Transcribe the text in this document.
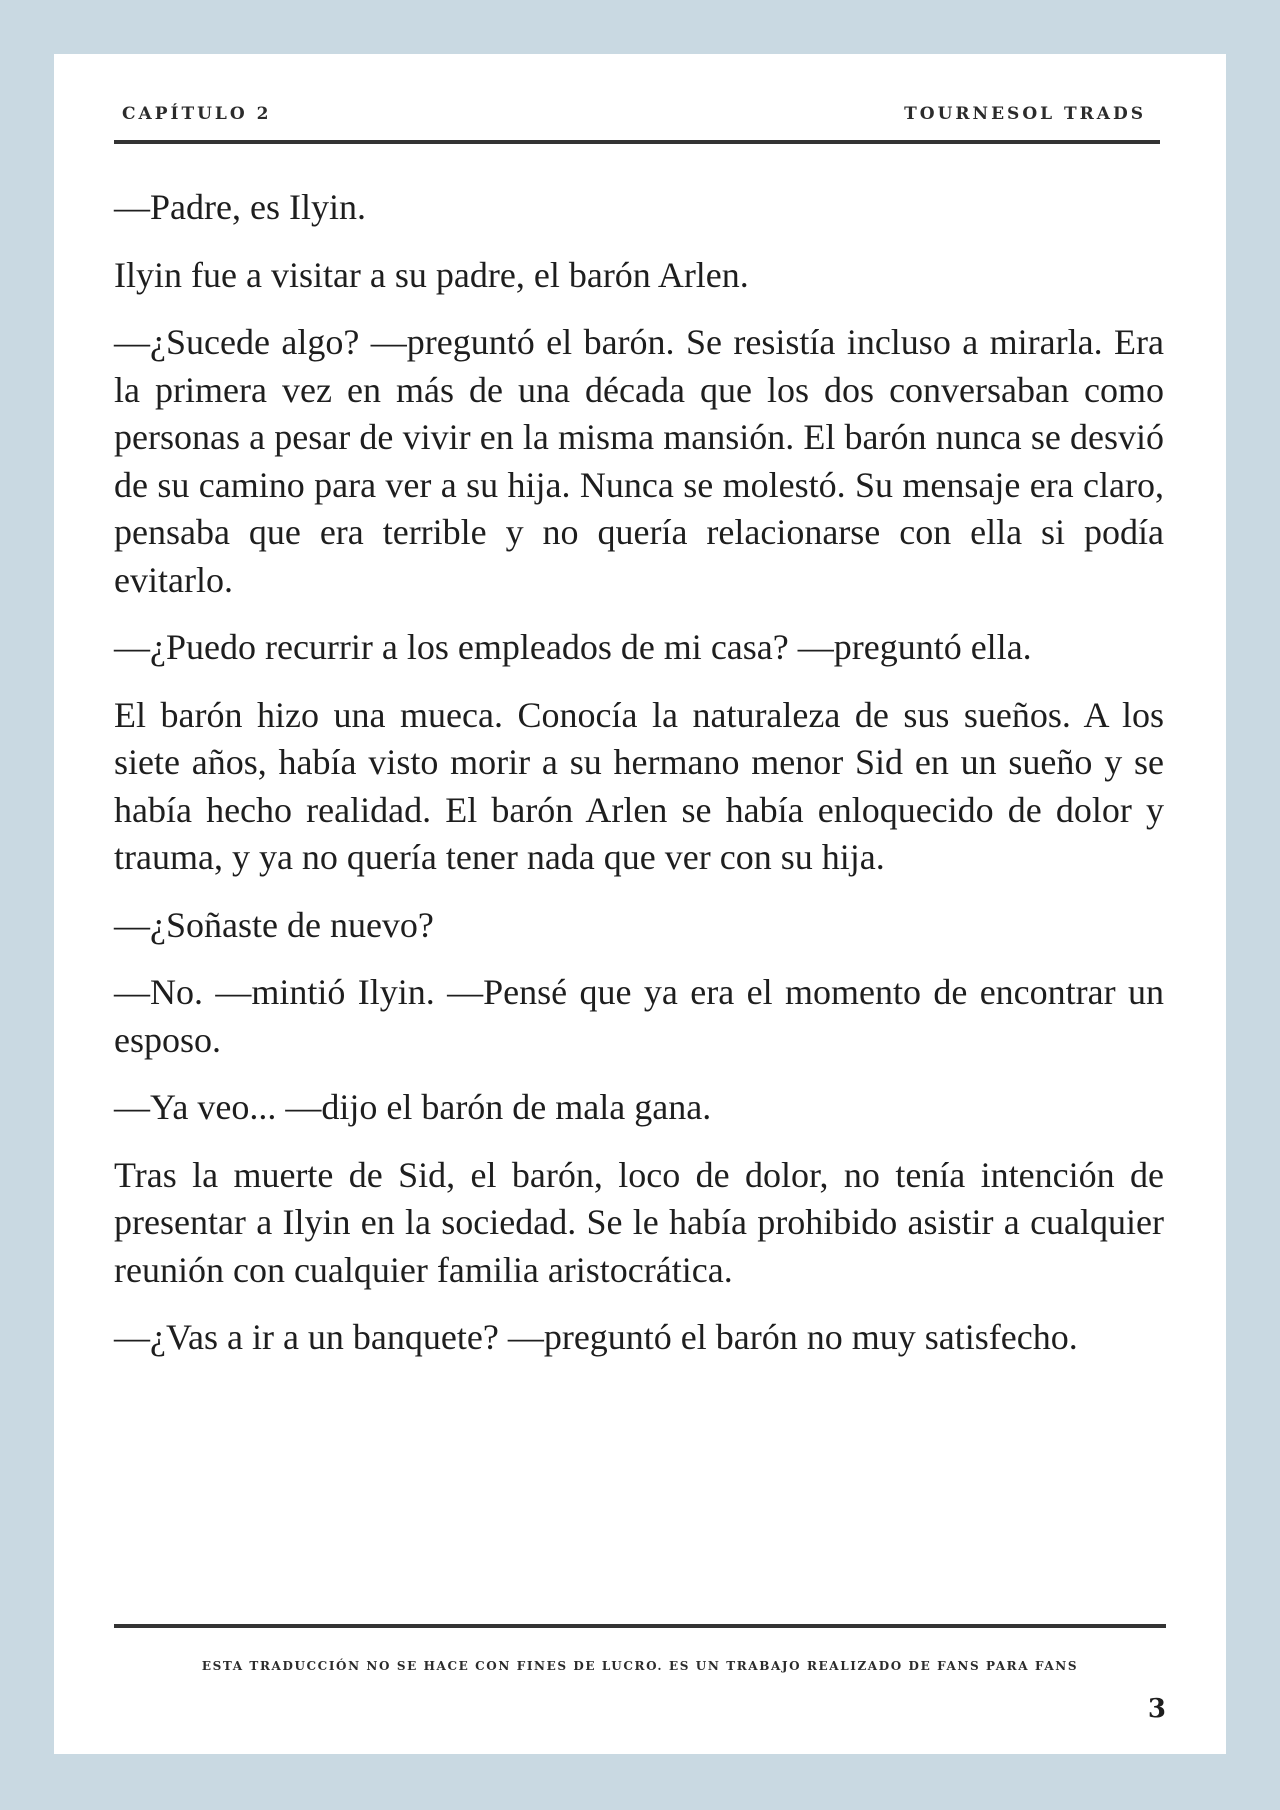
CAPÍTULO 2	TOURNESOL TRADS

—Padre, es Ilyin.

Ilyin fue a visitar a su padre, el barón Arlen.

—¿Sucede algo? —preguntó el barón. Se resistía incluso a mirarla. Era la primera vez en más de una década que los dos conversaban como personas a pesar de vivir en la misma mansión. El barón nunca se desvió de su camino para ver a su hija. Nunca se molestó. Su mensaje era claro, pensaba que era terrible y no quería relacionarse con ella si podía evitarlo.

—¿Puedo recurrir a los empleados de mi casa? —preguntó ella.

El barón hizo una mueca. Conocía la naturaleza de sus sueños. A los siete años, había visto morir a su hermano menor Sid en un sueño y se había hecho realidad. El barón Arlen se había enloquecido de dolor y trauma, y ya no quería tener nada que ver con su hija.

—¿Soñaste de nuevo?

—No. —mintió Ilyin. —Pensé que ya era el momento de encontrar un esposo.

—Ya veo... —dijo el barón de mala gana.

Tras la muerte de Sid, el barón, loco de dolor, no tenía intención de presentar a Ilyin en la sociedad. Se le había prohibido asistir a cualquier reunión con cualquier familia aristocrática.

—¿Vas a ir a un banquete? —preguntó el barón no muy satisfecho.

ESTA TRADUCCIÓN NO SE HACE CON FINES DE LUCRO. ES UN TRABAJO REALIZADO DE FANS PARA FANS
3
